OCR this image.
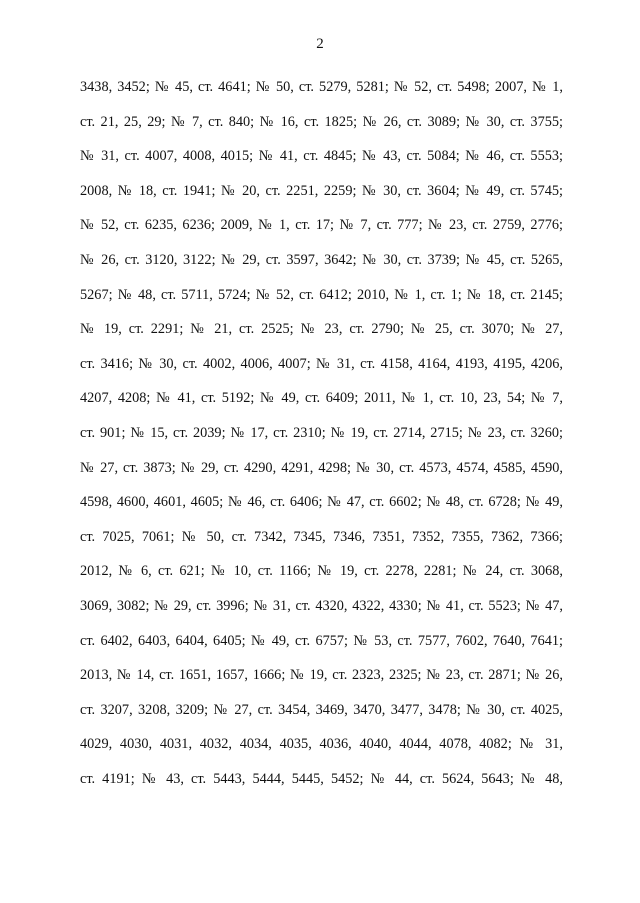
2
3438, 3452; № 45, ст. 4641; № 50, ст. 5279, 5281; № 52, ст. 5498; 2007, № 1,
ст. 21, 25, 29; № 7, ст. 840; № 16, ст. 1825; № 26, ст. 3089; № 30, ст. 3755;
№ 31, ст. 4007, 4008, 4015; № 41, ст. 4845; № 43, ст. 5084; № 46, ст. 5553;
2008, № 18, ст. 1941; № 20, ст. 2251, 2259; № 30, ст. 3604; № 49, ст. 5745;
№ 52, ст. 6235, 6236; 2009, № 1, ст. 17; № 7, ст. 777; № 23, ст. 2759, 2776;
№ 26, ст. 3120, 3122; № 29, ст. 3597, 3642; № 30, ст. 3739; № 45, ст. 5265,
5267; № 48, ст. 5711, 5724; № 52, ст. 6412; 2010, № 1, ст. 1; № 18, ст. 2145;
№ 19, ст. 2291; № 21, ст. 2525; № 23, ст. 2790; № 25, ст. 3070; № 27,
ст. 3416; № 30, ст. 4002, 4006, 4007; № 31, ст. 4158, 4164, 4193, 4195, 4206,
4207, 4208; № 41, ст. 5192; № 49, ст. 6409; 2011, № 1, ст. 10, 23, 54; № 7,
ст. 901; № 15, ст. 2039; № 17, ст. 2310; № 19, ст. 2714, 2715; № 23, ст. 3260;
№ 27, ст. 3873; № 29, ст. 4290, 4291, 4298; № 30, ст. 4573, 4574, 4585, 4590,
4598, 4600, 4601, 4605; № 46, ст. 6406; № 47, ст. 6602; № 48, ст. 6728; № 49,
ст. 7025, 7061; № 50, ст. 7342, 7345, 7346, 7351, 7352, 7355, 7362, 7366;
2012, № 6, ст. 621; № 10, ст. 1166; № 19, ст. 2278, 2281; № 24, ст. 3068,
3069, 3082; № 29, ст. 3996; № 31, ст. 4320, 4322, 4330; № 41, ст. 5523; № 47,
ст. 6402, 6403, 6404, 6405; № 49, ст. 6757; № 53, ст. 7577, 7602, 7640, 7641;
2013, № 14, ст. 1651, 1657, 1666; № 19, ст. 2323, 2325; № 23, ст. 2871; № 26,
ст. 3207, 3208, 3209; № 27, ст. 3454, 3469, 3470, 3477, 3478; № 30, ст. 4025,
4029, 4030, 4031, 4032, 4034, 4035, 4036, 4040, 4044, 4078, 4082; № 31,
ст. 4191; № 43, ст. 5443, 5444, 5445, 5452; № 44, ст. 5624, 5643; № 48,
